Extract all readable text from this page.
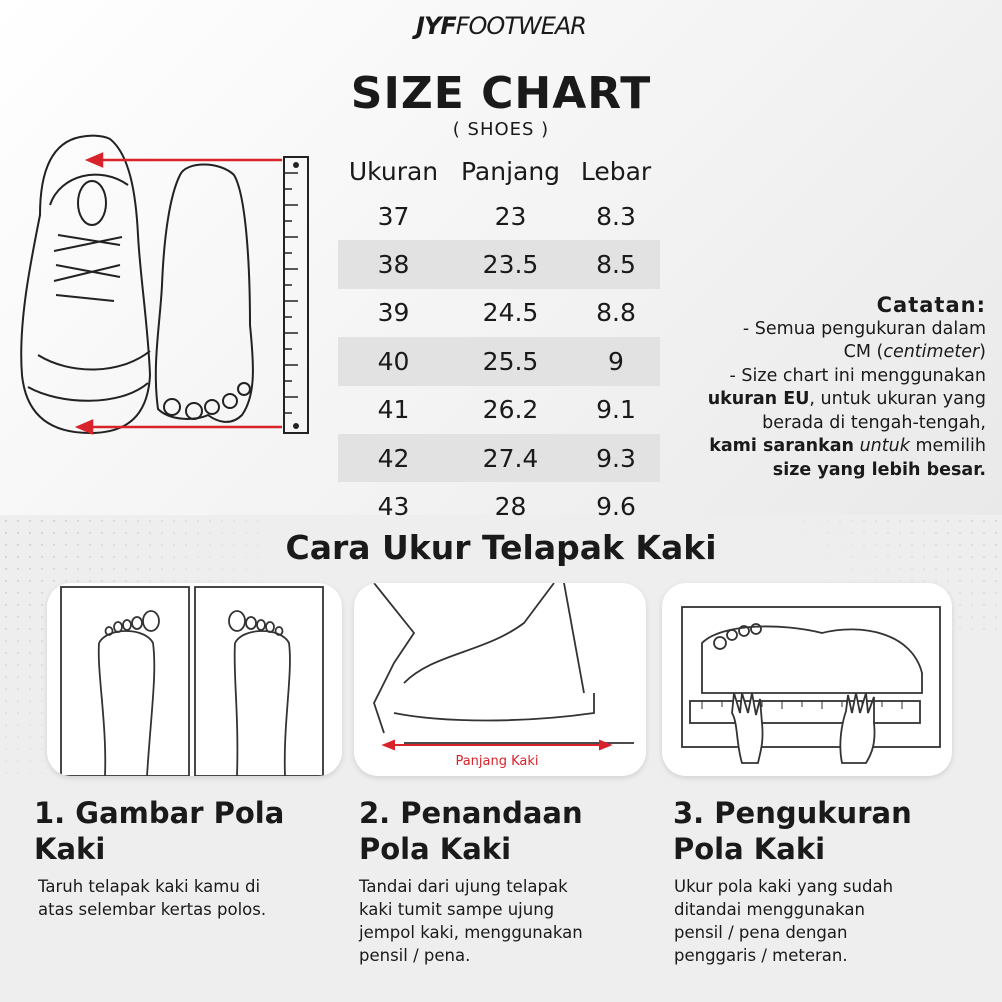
JYFFOOTWEAR
SIZE CHART
( SHOES )
Ukuran	Panjang	Lebar
37	23	8.3
38	23.5	8.5
39	24.5	8.8
40	25.5	9
41	26.2	9.1
42	27.4	9.3
43	28	9.6
Catatan:
- Semua pengukuran dalam
CM (centimeter)
- Size chart ini menggunakan
ukuran EU, untuk ukuran yang
berada di tengah-tengah,
kami sarankan untuk memilih
size yang lebih besar.
Cara Ukur Telapak Kaki
Panjang Kaki
1. Gambar Pola
Kaki
2. Penandaan
Pola Kaki
3. Pengukuran
Pola Kaki
Taruh telapak kaki kamu di
atas selembar kertas polos.
Tandai dari ujung telapak
kaki tumit sampe ujung
jempol kaki, menggunakan
pensil / pena.
Ukur pola kaki yang sudah
ditandai menggunakan
pensil / pena dengan
penggaris / meteran.
